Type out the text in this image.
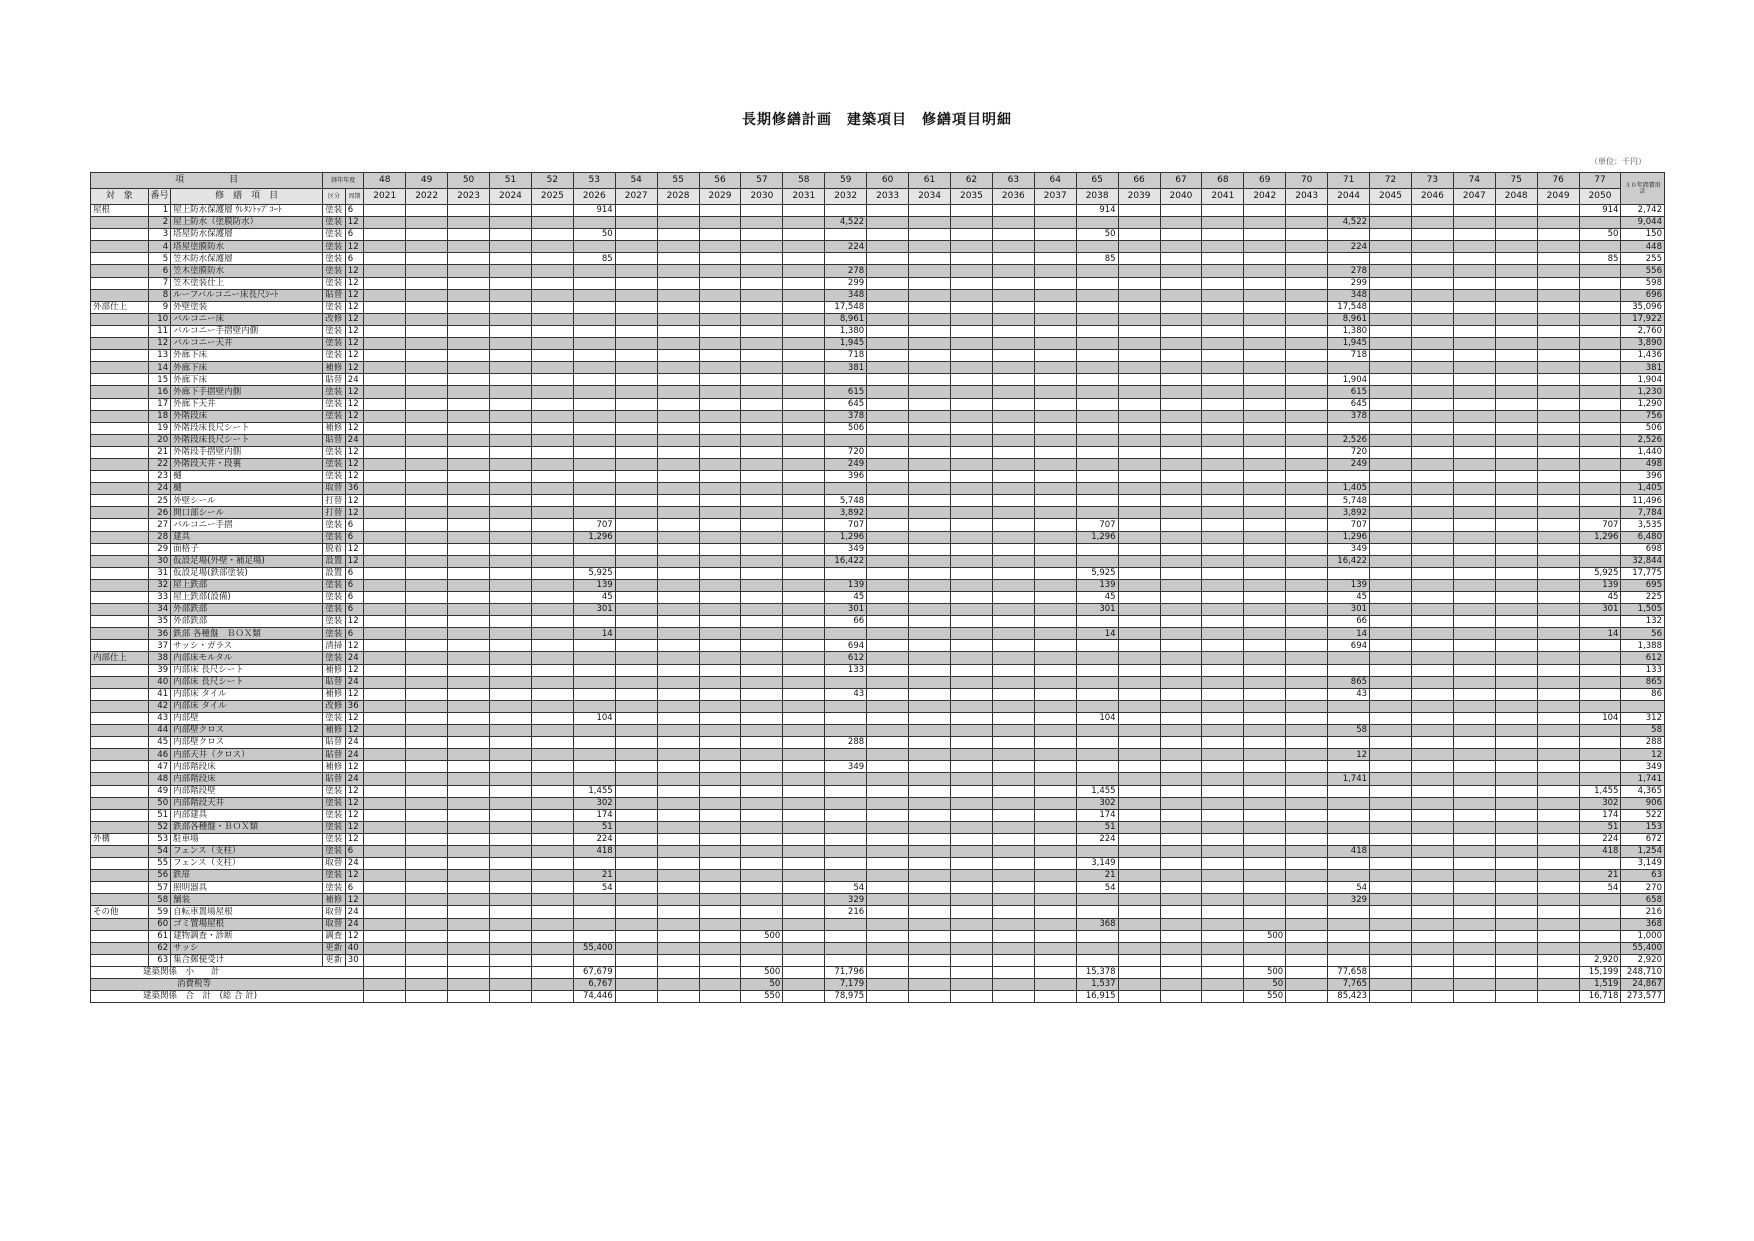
長期修繕計画　建築項目　修繕項目明細
（単位：千円）
項　　　　　目			経年年度		48	49	50	51	52	53	54	55	56	57	58	59	60	61	62	63	64	65	66	67	68	69	70	71	72	73	74	75	76	77	３０年間費用計
対　象	番号	修　繕　項　目	区分	周期	2021	2022	2023	2024	2025	2026	2027	2028	2029	2030	2031	2032	2033	2034	2035	2036	2037	2038	2039	2040	2041	2042	2043	2044	2045	2046	2047	2048	2049	2050	
屋根	1	屋上防水保護層 ｳﾚﾀﾝﾄｯﾌﾟｺｰﾄ	塗装	6						914												914												914	2,742
	2	屋上防水（塗膜防水）	塗装	12												4,522												4,522							9,044
	3	塔屋防水保護層	塗装	6						50												50												50	150
	4	塔屋塗膜防水	塗装	12												224												224							448
	5	笠木防水保護層	塗装	6						85												85												85	255
	6	笠木塗膜防水	塗装	12												278												278							556
	7	笠木塗装仕上	塗装	12												299												299							598
	8	ルーフバルコニー床長尺ｼｰﾄ	貼替	12												348												348							696
外部仕上	9	外壁塗装	塗装	12												17,548												17,548							35,096
	10	バルコニー床	改修	12												8,961												8,961							17,922
	11	バルコニー手摺壁内側	塗装	12												1,380												1,380							2,760
	12	バルコニー天井	塗装	12												1,945												1,945							3,890
	13	外廊下床	塗装	12												718												718							1,436
	14	外廊下床	補修	12												381																			381
	15	外廊下床	貼替	24																								1,904							1,904
	16	外廊下手摺壁内側	塗装	12												615												615							1,230
	17	外廊下天井	塗装	12												645												645							1,290
	18	外階段床	塗装	12												378												378							756
	19	外階段床長尺シート	補修	12												506																			506
	20	外階段床長尺シート	貼替	24																								2,526							2,526
	21	外階段手摺壁内側	塗装	12												720												720							1,440
	22	外階段天井・段裏	塗装	12												249												249							498
	23	樋	塗装	12												396																			396
	24	樋	取替	36																								1,405							1,405
	25	外壁シール	打替	12												5,748												5,748							11,496
	26	開口部シール	打替	12												3,892												3,892							7,784
	27	バルコニー手摺	塗装	6						707						707						707						707						707	3,535
	28	建具	塗装	6						1,296						1,296						1,296						1,296						1,296	6,480
	29	面格子	脱着	12												349												349							698
	30	仮設足場(外壁・補足場)	設置	12												16,422												16,422							32,844
	31	仮設足場(鉄部塗装)	設置	6						5,925												5,925												5,925	17,775
	32	屋上鉄部	塗装	6						139						139						139						139						139	695
	33	屋上鉄部(設備)	塗装	6						45						45						45						45						45	225
	34	外部鉄部	塗装	6						301						301						301						301						301	1,505
	35	外部鉄部	塗装	12												66												66							132
	36	鉄部 各種盤　ＢＯＸ類	塗装	6						14												14						14						14	56
	37	サッシ・ガラス	清掃	12												694												694							1,388
内部仕上	38	内部床モルタル	塗装	24												612																			612
	39	内部床 長尺シート	補修	12												133																			133
	40	内部床 長尺シート	貼替	24																								865							865
	41	内部床 タイル	補修	12												43												43							86
	42	内部床 タイル	改修	36																															
	43	内部壁	塗装	12						104												104												104	312
	44	内部壁クロス	補修	12																								58							58
	45	内部壁クロス	貼替	24												288																			288
	46	内部天井（クロス）	貼替	24																								12							12
	47	内部階段床	補修	12												349																			349
	48	内部階段床	貼替	24																								1,741							1,741
	49	内部階段壁	塗装	12						1,455												1,455												1,455	4,365
	50	内部階段天井	塗装	12						302												302												302	906
	51	内部建具	塗装	12						174												174												174	522
	52	鉄部各種盤・ＢＯＸ類	塗装	12						51												51												51	153
外構	53	駐車場	塗装	12						224												224												224	672
	54	フェンス（支柱）	塗装	6						418																		418						418	1,254
	55	フェンス（支柱）	取替	24																		3,149													3,149
	56	鉄扉	塗装	12						21												21												21	63
	57	照明器具	塗装	6						54						54						54						54						54	270
	58	舗装	補修	12												329												329							658
その他	59	自転車置場屋根	取替	24												216																			216
	60	ゴミ置場屋根	取替	24																		368													368
	61	建物調査・診断	調査	12										500												500									1,000
	62	サッシ	更新	40						55,400																									55,400
	63	集合郵便受け	更新	30																														2,920	2,920
建築関係　小　　計										67,679				500		71,796						15,378				500		77,658						15,199	248,710
　　　　消費税等										6,767				50		7,179						1,537				50		7,765						1,519	24,867
建築関係　合　計　(総 合 計)										74,446				550		78,975						16,915				550		85,423						16,718	273,577
